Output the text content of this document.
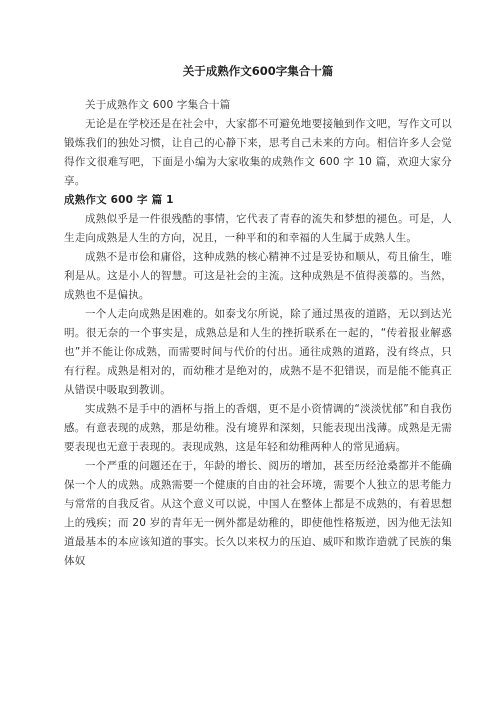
关于成熟作文600字集合十篇

关于成熟作文 600 字集合十篇

无论是在学校还是在社会中，大家都不可避免地要接触到作文吧，写作文可以锻炼我们的独处习惯，让自己的心静下来，思考自己未来的方向。相信许多人会觉得作文很难写吧，下面是小编为大家收集的成熟作文 600 字 10 篇，欢迎大家分享。

成熟作文 600 字 篇 1

成熟似乎是一件很残酷的事情，它代表了青春的流失和梦想的褪色。可是，人生走向成熟是人生的方向，况且，一种平和的和幸福的人生属于成熟人生。

成熟不是市侩和庸俗，这种成熟的核心精神不过是妥协和顺从，苟且偷生，唯利是从。这是小人的智慧。可这是社会的主流。这种成熟是不值得羡慕的。当然，成熟也不是偏执。

一个人走向成熟是困难的。如泰戈尔所说，除了通过黑夜的道路，无以到达光明。很无奈的一个事实是，成熟总是和人生的挫折联系在一起的，“传着报业解惑也”并不能让你成熟，而需要时间与代价的付出。通往成熟的道路，没有终点，只有行程。成熟是相对的，而幼稚才是绝对的，成熟不是不犯错误，而是能不能真正从错误中吸取到教训。

实成熟不是手中的酒杯与指上的香烟，更不是小资情调的“淡淡忧郁”和自我伤感。有意表现的成熟，那是幼稚。没有境界和深刻，只能表现出浅薄。成熟是无需要表现也无意于表现的。表现成熟，这是年轻和幼稚两种人的常见通病。

一个严重的问题还在于，年龄的增长、阅历的增加，甚至历经沧桑都并不能确保一个人的成熟。成熟需要一个健康的自由的社会环境，需要个人独立的思考能力与常常的自我反省。从这个意义可以说，中国人在整体上都是不成熟的，有着思想上的残疾；而 20 岁的青年无一例外都是幼稚的，即使他性格叛逆，因为他无法知道最基本的本应该知道的事实。长久以来权力的压迫、威吓和欺诈造就了民族的集体奴
